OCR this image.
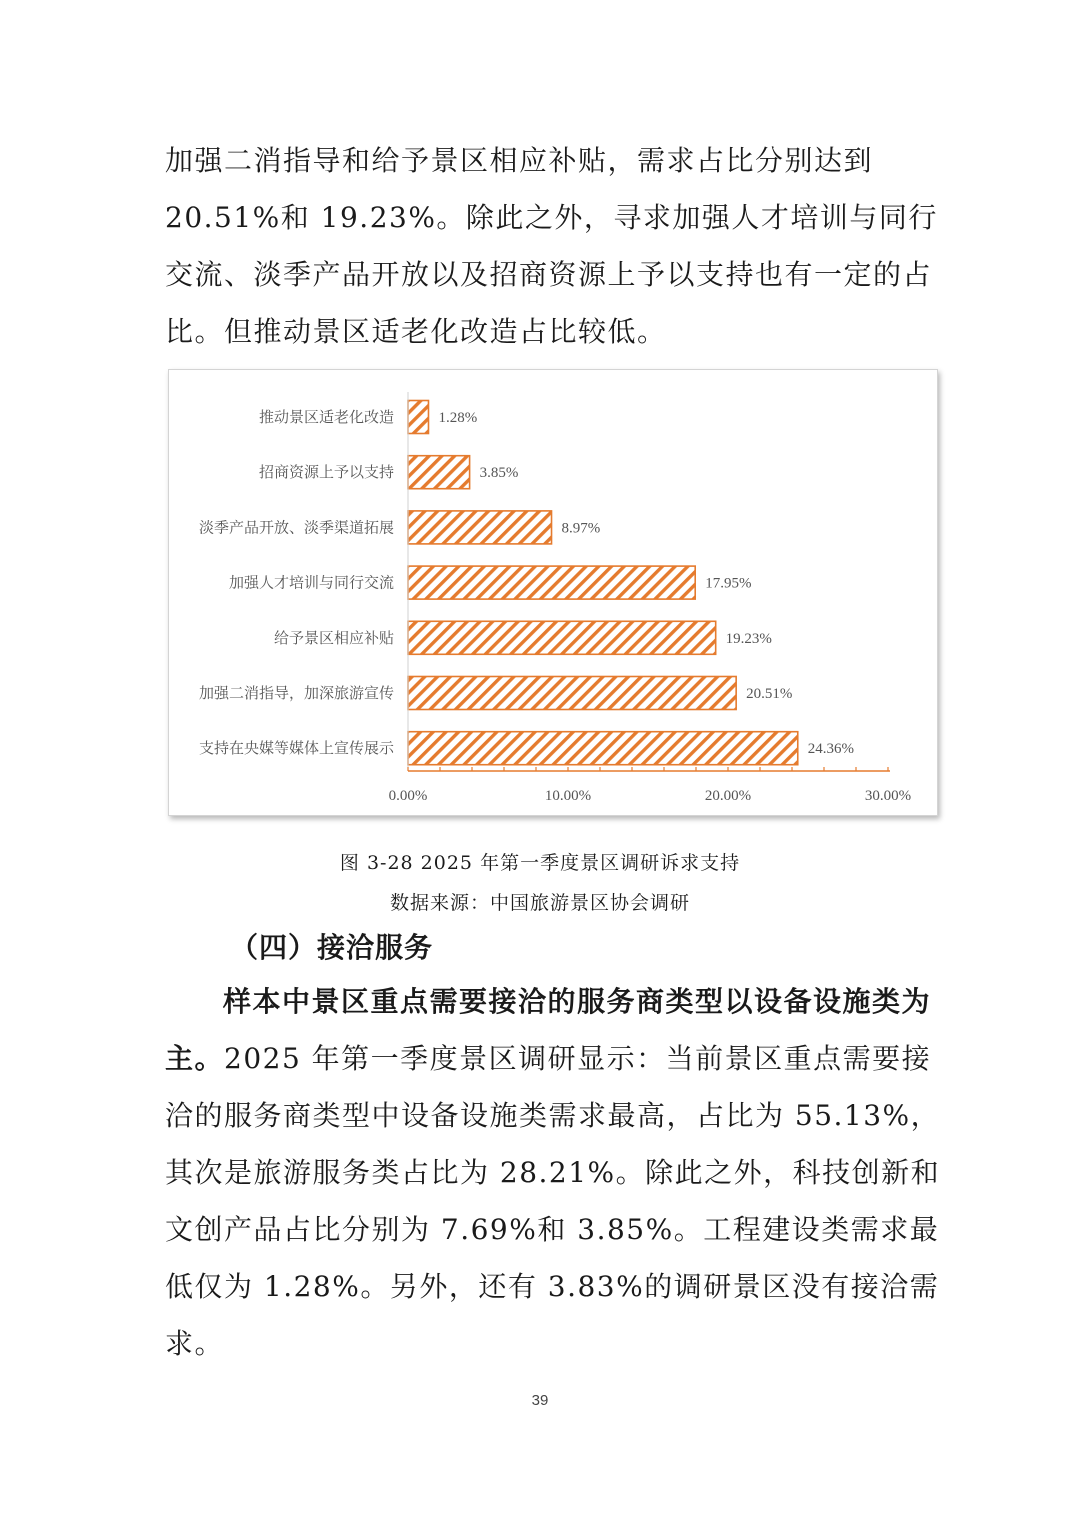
加强二消指导和给予景区相应补贴，需求占比分别达到20.51%和 19.23%。除此之外，寻求加强人才培训与同行交流、淡季产品开放以及招商资源上予以支持也有一定的占比。但推动景区适老化改造占比较低。

推动景区适老化改造	1.28%
招商资源上予以支持	3.85%
淡季产品开放、淡季渠道拓展	8.97%
加强人才培训与同行交流	17.95%
给予景区相应补贴	19.23%
加强二消指导，加深旅游宣传	20.51%
支持在央媒等媒体上宣传展示	24.36%
0.00%	10.00%	20.00%	30.00%

图 3-28 2025 年第一季度景区调研诉求支持

数据来源：中国旅游景区协会调研

（四）接洽服务

样本中景区重点需要接洽的服务商类型以设备设施类为主。2025 年第一季度景区调研显示：当前景区重点需要接洽的服务商类型中设备设施类需求最高，占比为 55.13%，其次是旅游服务类占比为 28.21%。除此之外，科技创新和文创产品占比分别为 7.69%和 3.85%。工程建设类需求最低仅为 1.28%。另外，还有 3.83%的调研景区没有接洽需求。

39
